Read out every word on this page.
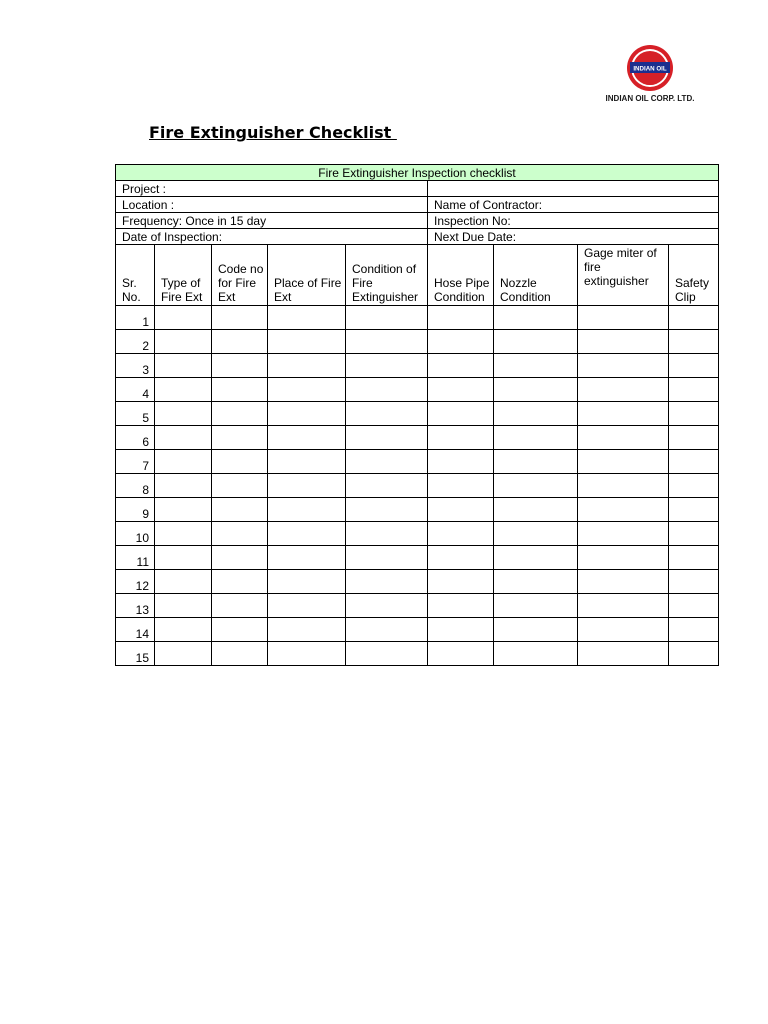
INDIAN OIL
INDIAN OIL CORP. LTD.
Fire Extinguisher Checklist
Fire Extinguisher Inspection checklist								
Project :								
Location :					Name of Contractor:			
Frequency: Once in 15 day					Inspection No:			
Date of Inspection:					Next Due Date:			
Sr. No.	Type of Fire Ext	Code no for Fire Ext	Place of Fire Ext	Condition of Fire Extinguisher	Hose Pipe Condition	Nozzle Condition	Gage miter of fire extinguisher	Safety Clip
1								
2								
3								
4								
5								
6								
7								
8								
9								
10								
11								
12								
13								
14								
15								
